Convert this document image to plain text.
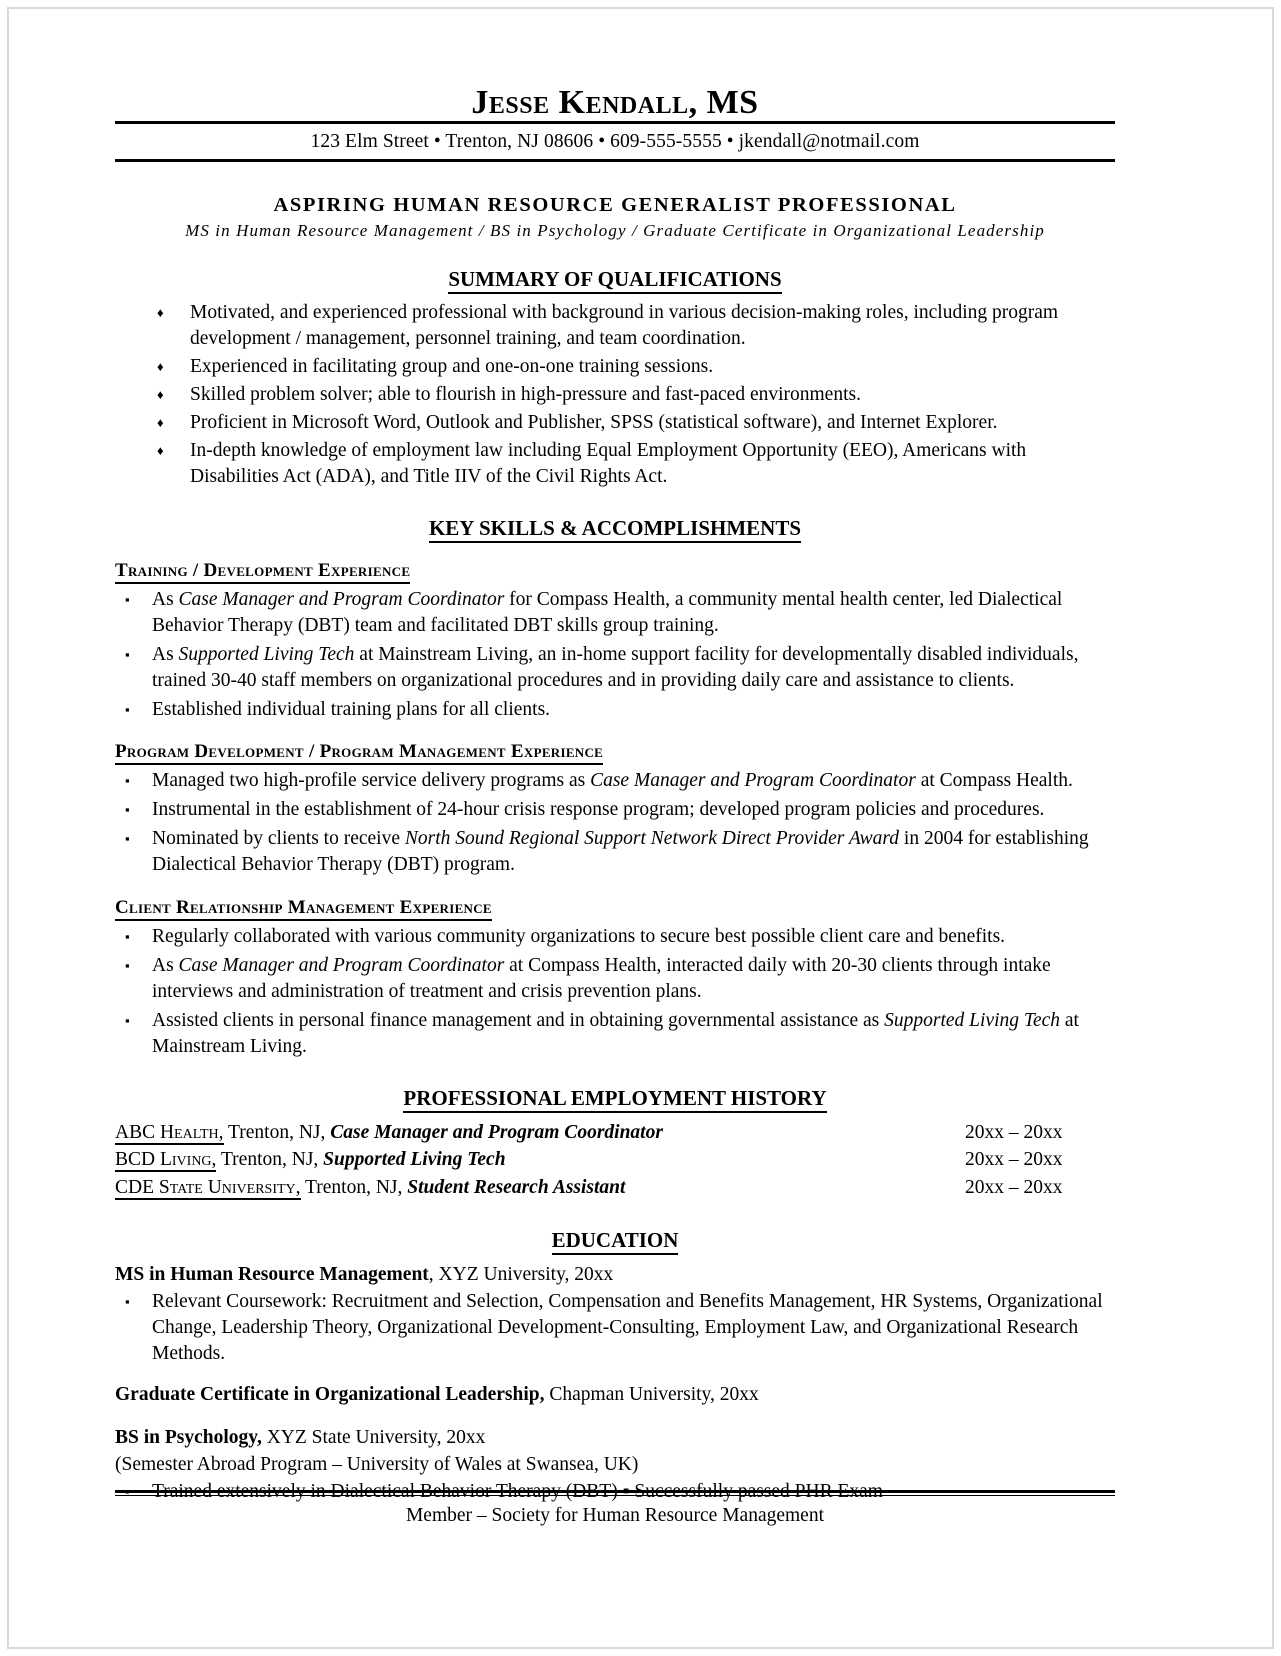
Jesse Kendall, MS
123 Elm Street • Trenton, NJ 08606 • 609-555-5555 • jkendall@notmail.com
ASPIRING HUMAN RESOURCE GENERALIST PROFESSIONAL
MS in Human Resource Management / BS in Psychology / Graduate Certificate in Organizational Leadership
SUMMARY OF QUALIFICATIONS
♦ Motivated, and experienced professional with background in various decision-making roles, including program development / management, personnel training, and team coordination.
♦ Experienced in facilitating group and one-on-one training sessions.
♦ Skilled problem solver; able to flourish in high-pressure and fast-paced environments.
♦ Proficient in Microsoft Word, Outlook and Publisher, SPSS (statistical software), and Internet Explorer.
♦ In-depth knowledge of employment law including Equal Employment Opportunity (EEO), Americans with Disabilities Act (ADA), and Title IIV of the Civil Rights Act.
KEY SKILLS & ACCOMPLISHMENTS
Training / Development Experience
▪ As Case Manager and Program Coordinator for Compass Health, a community mental health center, led Dialectical Behavior Therapy (DBT) team and facilitated DBT skills group training.
▪ As Supported Living Tech at Mainstream Living, an in-home support facility for developmentally disabled individuals, trained 30-40 staff members on organizational procedures and in providing daily care and assistance to clients.
▪ Established individual training plans for all clients.
Program Development / Program Management Experience
▪ Managed two high-profile service delivery programs as Case Manager and Program Coordinator at Compass Health.
▪ Instrumental in the establishment of 24-hour crisis response program; developed program policies and procedures.
▪ Nominated by clients to receive North Sound Regional Support Network Direct Provider Award in 2004 for establishing Dialectical Behavior Therapy (DBT) program.
Client Relationship Management Experience
▪ Regularly collaborated with various community organizations to secure best possible client care and benefits.
▪ As Case Manager and Program Coordinator at Compass Health, interacted daily with 20-30 clients through intake interviews and administration of treatment and crisis prevention plans.
▪ Assisted clients in personal finance management and in obtaining governmental assistance as Supported Living Tech at Mainstream Living.
PROFESSIONAL EMPLOYMENT HISTORY
ABC Health, Trenton, NJ, Case Manager and Program Coordinator	20xx – 20xx
BCD Living, Trenton, NJ, Supported Living Tech	20xx – 20xx
CDE State University, Trenton, NJ, Student Research Assistant	20xx – 20xx
EDUCATION
MS in Human Resource Management, XYZ University, 20xx
▪ Relevant Coursework: Recruitment and Selection, Compensation and Benefits Management, HR Systems, Organizational Change, Leadership Theory, Organizational Development-Consulting, Employment Law, and Organizational Research Methods.
Graduate Certificate in Organizational Leadership, Chapman University, 20xx
BS in Psychology, XYZ State University, 20xx
(Semester Abroad Program – University of Wales at Swansea, UK)
▪ Trained extensively in Dialectical Behavior Therapy (DBT) ▪ Successfully passed PHR Exam
Member – Society for Human Resource Management
